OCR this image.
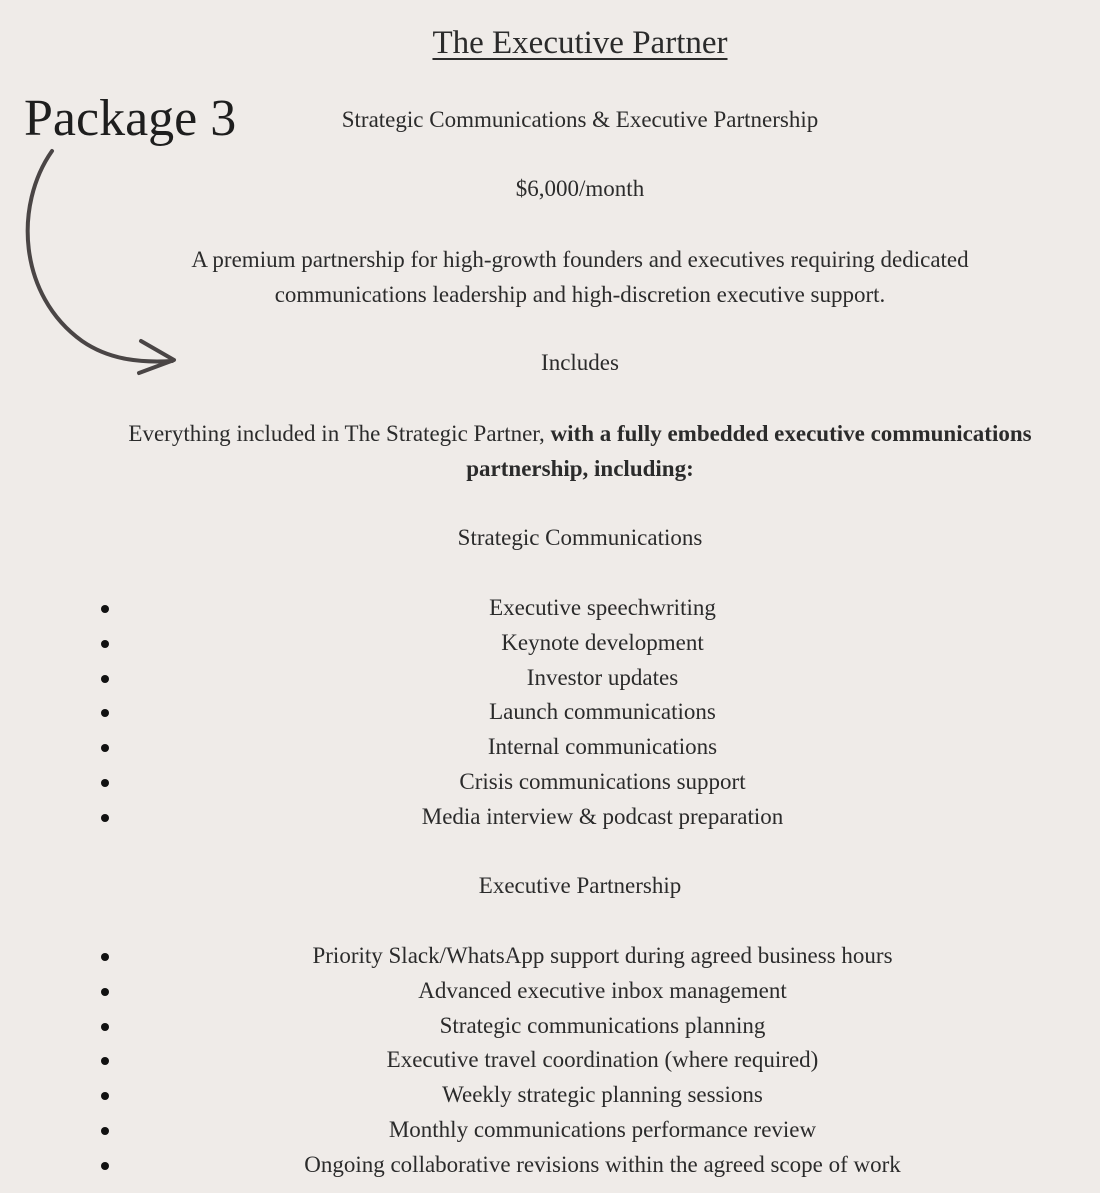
The Executive Partner
Package 3	Strategic Communications & Executive Partnership
$6,000/month
A premium partnership for high-growth founders and executives requiring dedicated communications leadership and high-discretion executive support.
Includes
Everything included in The Strategic Partner, with a fully embedded executive communications partnership, including:
Strategic Communications
Executive speechwriting
Keynote development
Investor updates
Launch communications
Internal communications
Crisis communications support
Media interview & podcast preparation
Executive Partnership
Priority Slack/WhatsApp support during agreed business hours
Advanced executive inbox management
Strategic communications planning
Executive travel coordination (where required)
Weekly strategic planning sessions
Monthly communications performance review
Ongoing collaborative revisions within the agreed scope of work
